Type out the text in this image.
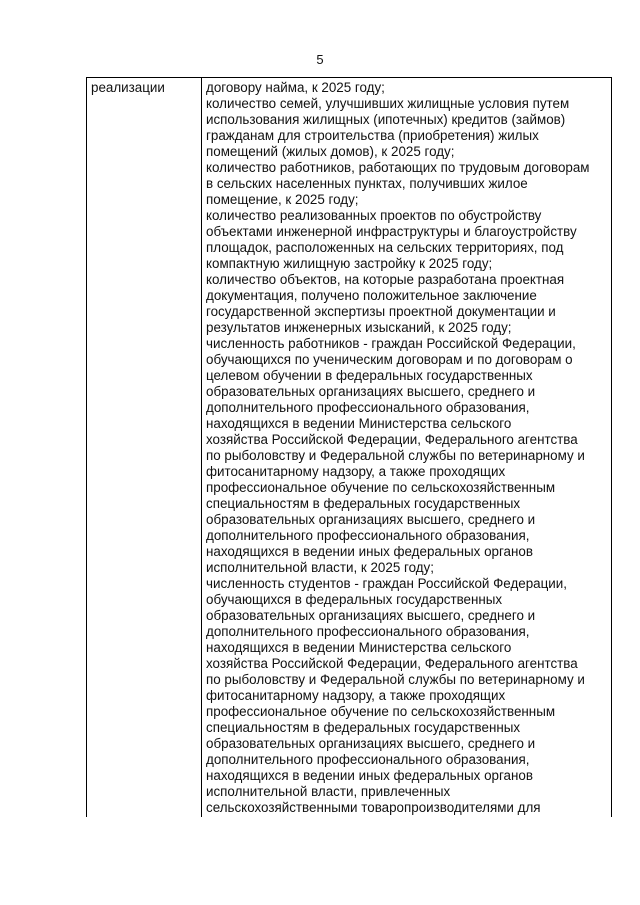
5
реализации	договору найма, к 2025 году;
количество семей, улучшивших жилищные условия путем
использования жилищных (ипотечных) кредитов (займов)
гражданам для строительства (приобретения) жилых
помещений (жилых домов), к 2025 году;
количество работников, работающих по трудовым договорам
в сельских населенных пунктах, получивших жилое
помещение, к 2025 году;
количество реализованных проектов по обустройству
объектами инженерной инфраструктуры и благоустройству
площадок, расположенных на сельских территориях, под
компактную жилищную застройку к 2025 году;
количество объектов, на которые разработана проектная
документация, получено положительное заключение
государственной экспертизы проектной документации и
результатов инженерных изысканий, к 2025 году;
численность работников - граждан Российской Федерации,
обучающихся по ученическим договорам и по договорам о
целевом обучении в федеральных государственных
образовательных организациях высшего, среднего и
дополнительного профессионального образования,
находящихся в ведении Министерства сельского
хозяйства Российской Федерации, Федерального агентства
по рыболовству и Федеральной службы по ветеринарному и
фитосанитарному надзору, а также проходящих
профессиональное обучение по сельскохозяйственным
специальностям в федеральных государственных
образовательных организациях высшего, среднего и
дополнительного профессионального образования,
находящихся в ведении иных федеральных органов
исполнительной власти, к 2025 году;
численность студентов - граждан Российской Федерации,
обучающихся в федеральных государственных
образовательных организациях высшего, среднего и
дополнительного профессионального образования,
находящихся в ведении Министерства сельского
хозяйства Российской Федерации, Федерального агентства
по рыболовству и Федеральной службы по ветеринарному и
фитосанитарному надзору, а также проходящих
профессиональное обучение по сельскохозяйственным
специальностям в федеральных государственных
образовательных организациях высшего, среднего и
дополнительного профессионального образования,
находящихся в ведении иных федеральных органов
исполнительной власти, привлеченных
сельскохозяйственными товаропроизводителями для
